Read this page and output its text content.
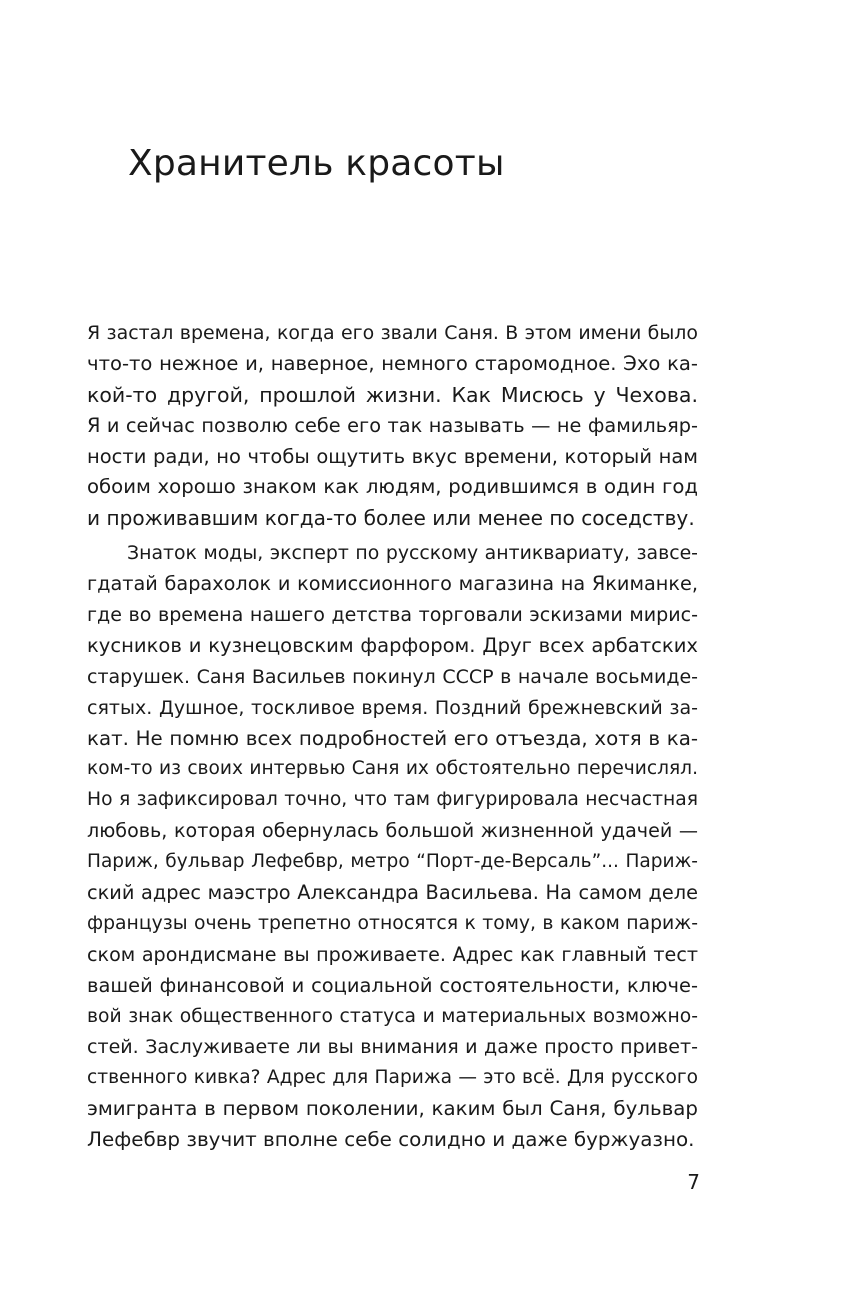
Хранитель красоты
Я застал времена, когда его звали Саня. В этом имени было
что-то нежное и, наверное, немного старомодное. Эхо ка-
кой-то другой, прошлой жизни. Как Мисюсь у Чехова.
Я и сейчас позволю себе его так называть — не фамильяр-
ности ради, но чтобы ощутить вкус времени, который нам
обоим хорошо знаком как людям, родившимся в один год
и проживавшим когда-то более или менее по соседству.
Знаток моды, эксперт по русскому антиквариату, завсе-
гдатай барахолок и комиссионного магазина на Якиманке,
где во времена нашего детства торговали эскизами мирис-
кусников и кузнецовским фарфором. Друг всех арбатских
старушек. Саня Васильев покинул СССР в начале восьмиде-
сятых. Душное, тоскливое время. Поздний брежневский за-
кат. Не помню всех подробностей его отъезда, хотя в ка-
ком-то из своих интервью Саня их обстоятельно перечислял.
Но я зафиксировал точно, что там фигурировала несчастная
любовь, которая обернулась большой жизненной удачей —
Париж, бульвар Лефебвр, метро “Порт-де-Версаль”... Париж-
ский адрес маэстро Александра Васильева. На самом деле
французы очень трепетно относятся к тому, в каком париж-
ском арондисмане вы проживаете. Адрес как главный тест
вашей финансовой и социальной состоятельности, ключе-
вой знак общественного статуса и материальных возможно-
стей. Заслуживаете ли вы внимания и даже просто привет-
ственного кивка? Адрес для Парижа — это всё. Для русского
эмигранта в первом поколении, каким был Саня, бульвар
Лефебвр звучит вполне себе солидно и даже буржуазно.
7
